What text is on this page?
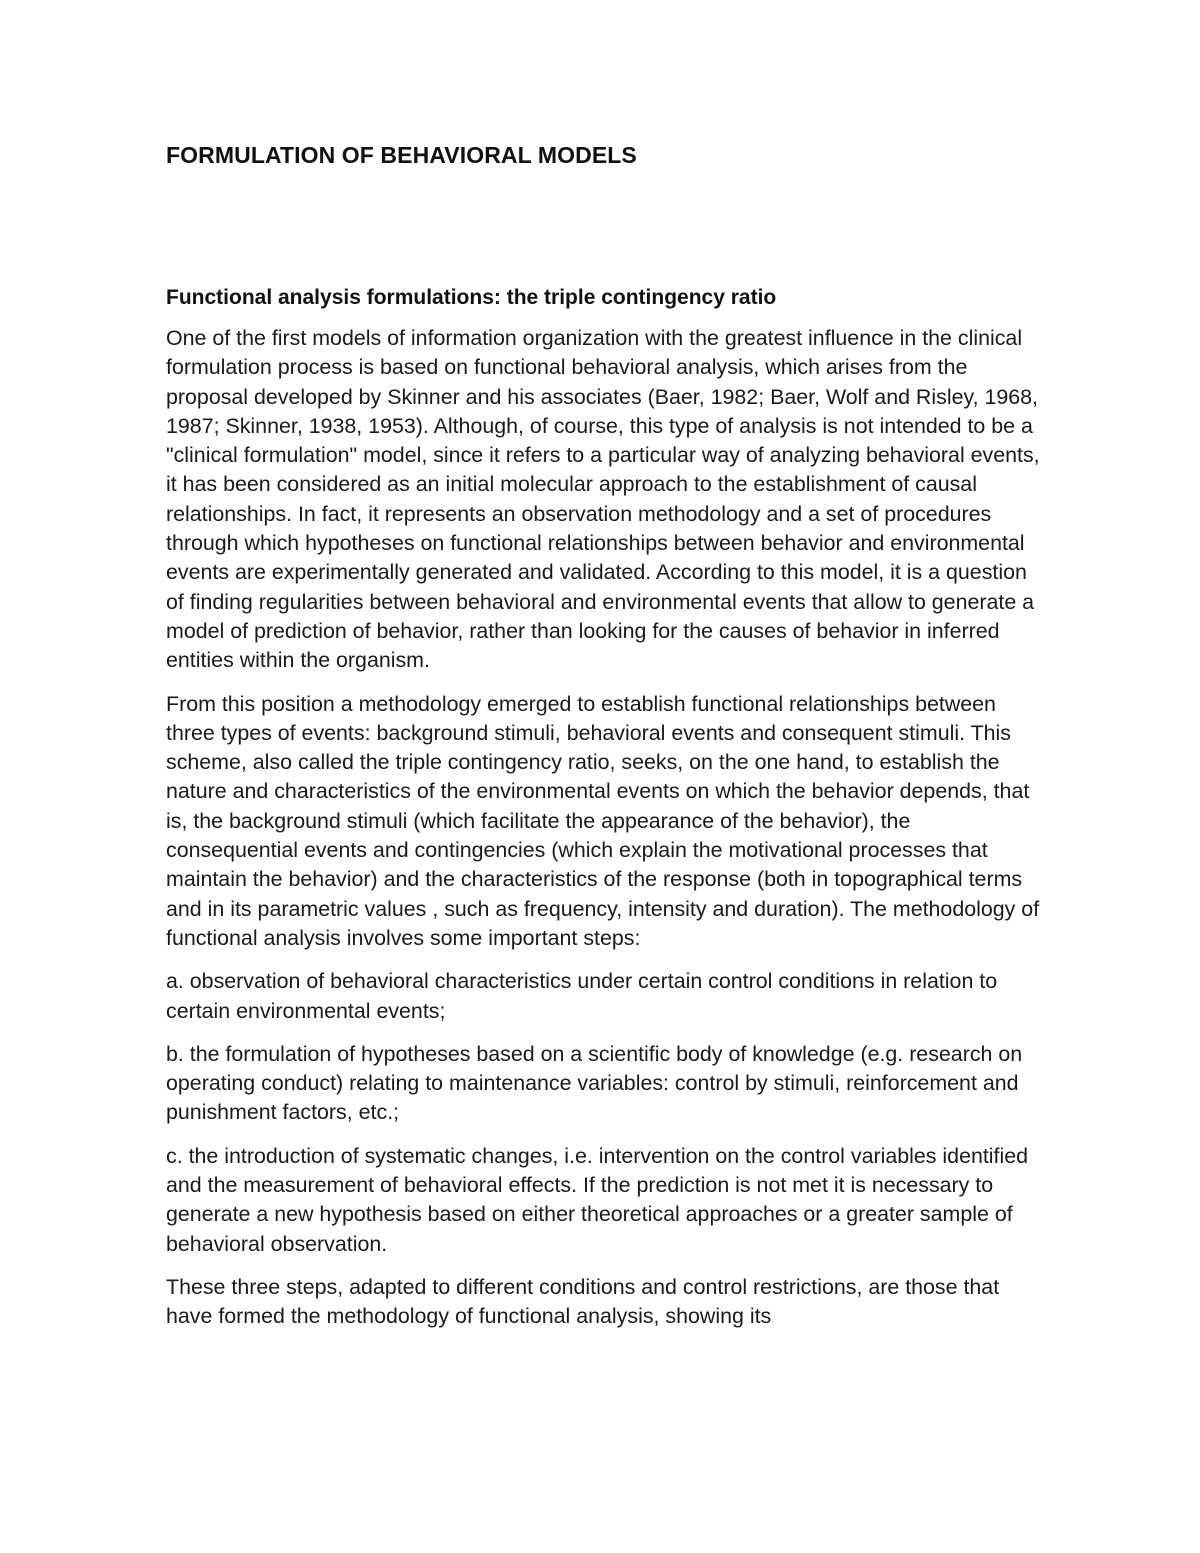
FORMULATION OF BEHAVIORAL MODELS
Functional analysis formulations: the triple contingency ratio

One of the first models of information organization with the greatest influence in the clinical formulation process is based on functional behavioral analysis, which arises from the proposal developed by Skinner and his associates (Baer, 1982; Baer, Wolf and Risley, 1968, 1987; Skinner, 1938, 1953). Although, of course, this type of analysis is not intended to be a "clinical formulation" model, since it refers to a particular way of analyzing behavioral events, it has been considered as an initial molecular approach to the establishment of causal relationships. In fact, it represents an observation methodology and a set of procedures through which hypotheses on functional relationships between behavior and environmental events are experimentally generated and validated. According to this model, it is a question of finding regularities between behavioral and environmental events that allow to generate a model of prediction of behavior, rather than looking for the causes of behavior in inferred entities within the organism.

From this position a methodology emerged to establish functional relationships between three types of events: background stimuli, behavioral events and consequent stimuli. This scheme, also called the triple contingency ratio, seeks, on the one hand, to establish the nature and characteristics of the environmental events on which the behavior depends, that is, the background stimuli (which facilitate the appearance of the behavior), the consequential events and contingencies (which explain the motivational processes that maintain the behavior) and the characteristics of the response (both in topographical terms and in its parametric values , such as frequency, intensity and duration). The methodology of functional analysis involves some important steps:

a. observation of behavioral characteristics under certain control conditions in relation to certain environmental events;

b. the formulation of hypotheses based on a scientific body of knowledge (e.g. research on operating conduct) relating to maintenance variables: control by stimuli, reinforcement and punishment factors, etc.;

c. the introduction of systematic changes, i.e. intervention on the control variables identified and the measurement of behavioral effects. If the prediction is not met it is necessary to generate a new hypothesis based on either theoretical approaches or a greater sample of behavioral observation.

These three steps, adapted to different conditions and control restrictions, are those that have formed the methodology of functional analysis, showing its
